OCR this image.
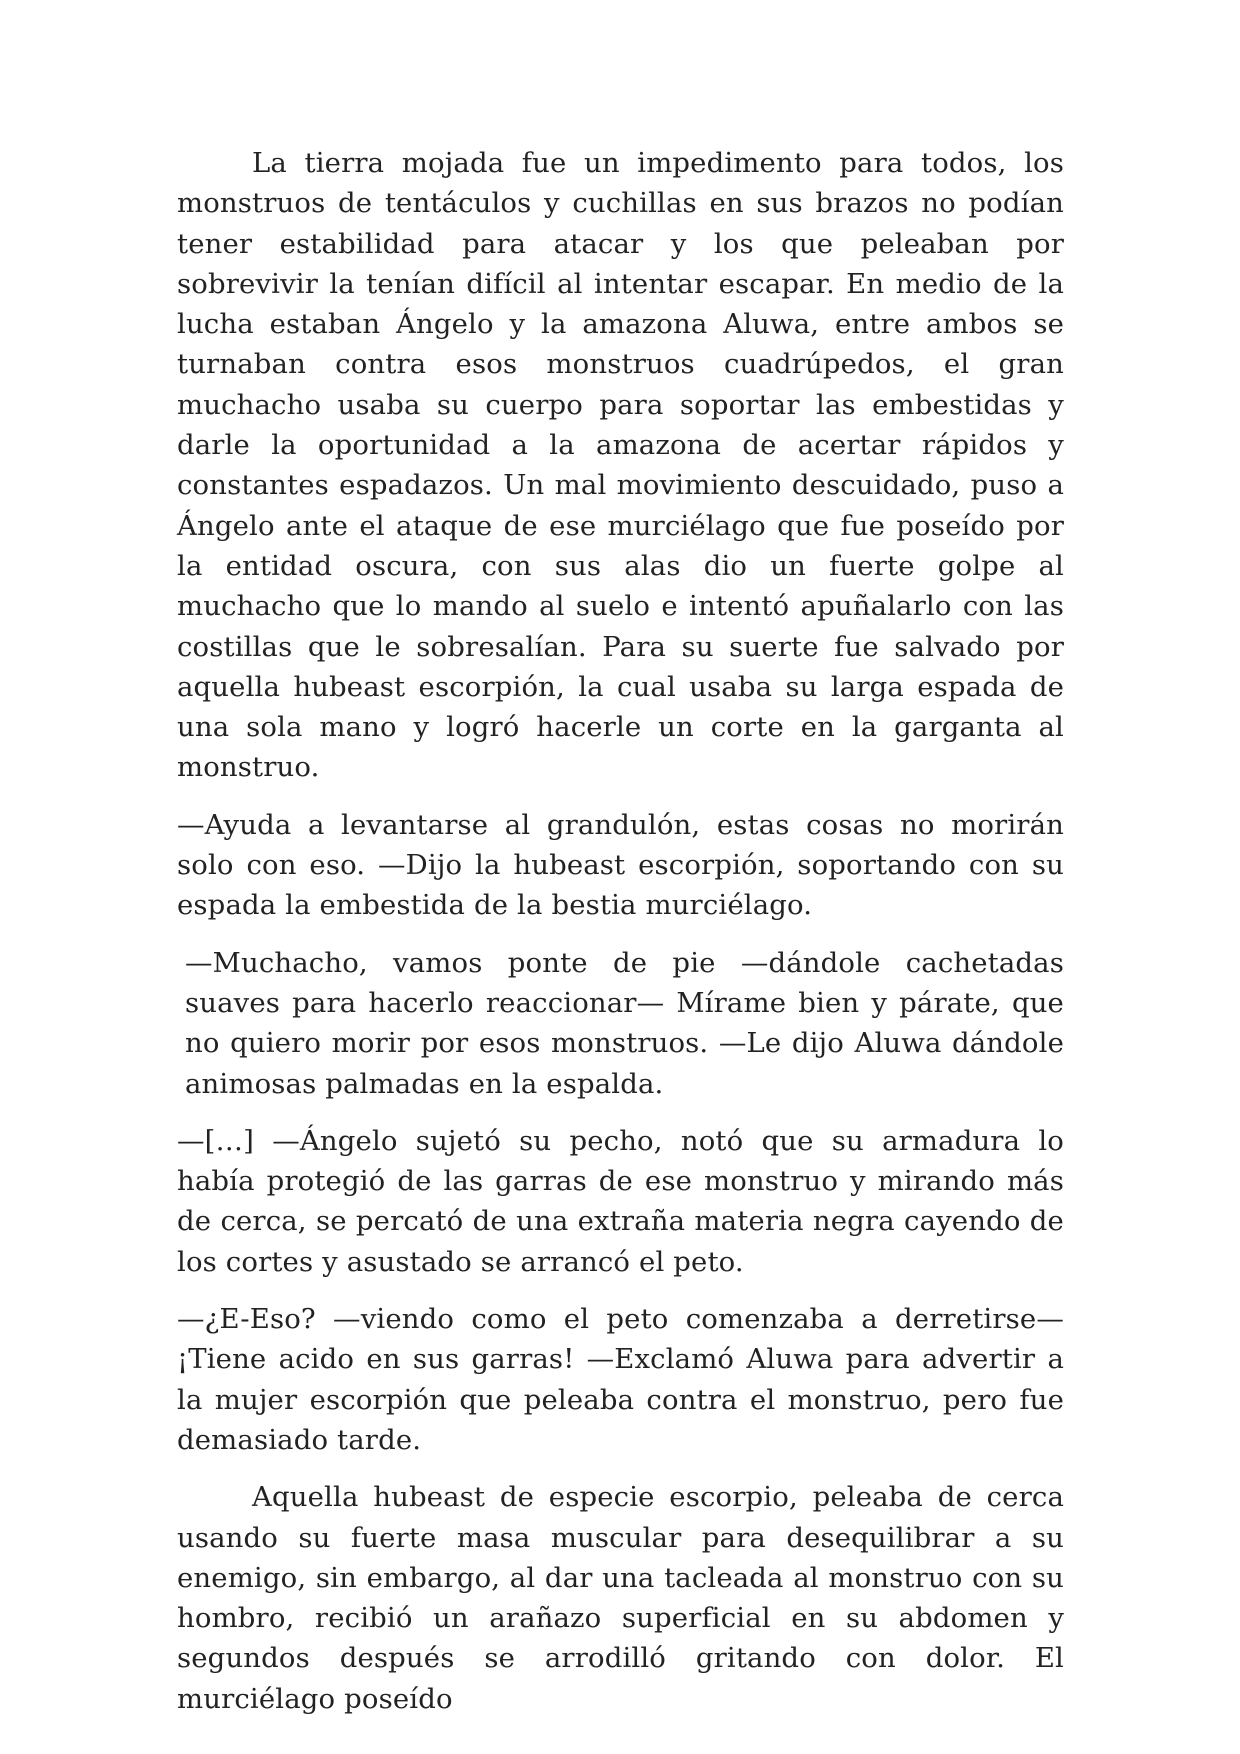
La tierra mojada fue un impedimento para todos, los monstruos de tentáculos y cuchillas en sus brazos no podían tener estabilidad para atacar y los que peleaban por sobrevivir la tenían difícil al intentar escapar. En medio de la lucha estaban Ángelo y la amazona Aluwa, entre ambos se turnaban contra esos monstruos cuadrúpedos, el gran muchacho usaba su cuerpo para soportar las embestidas y darle la oportunidad a la amazona de acertar rápidos y constantes espadazos. Un mal movimiento descuidado, puso a Ángelo ante el ataque de ese murciélago que fue poseído por la entidad oscura, con sus alas dio un fuerte golpe al muchacho que lo mando al suelo e intentó apuñalarlo con las costillas que le sobresalían. Para su suerte fue salvado por aquella hubeast escorpión, la cual usaba su larga espada de una sola mano y logró hacerle un corte en la garganta al monstruo.

—Ayuda a levantarse al grandulón, estas cosas no morirán solo con eso. —Dijo la hubeast escorpión, soportando con su espada la embestida de la bestia murciélago.

—Muchacho, vamos ponte de pie —dándole cachetadas suaves para hacerlo reaccionar— Mírame bien y párate, que no quiero morir por esos monstruos. —Le dijo Aluwa dándole animosas palmadas en la espalda.

—[…] —Ángelo sujetó su pecho, notó que su armadura lo había protegió de las garras de ese monstruo y mirando más de cerca, se percató de una extraña materia negra cayendo de los cortes y asustado se arrancó el peto.

—¿E-Eso? —viendo como el peto comenzaba a derretirse— ¡Tiene acido en sus garras! —Exclamó Aluwa para advertir a la mujer escorpión que peleaba contra el monstruo, pero fue demasiado tarde.

Aquella hubeast de especie escorpio, peleaba de cerca usando su fuerte masa muscular para desequilibrar a su enemigo, sin embargo, al dar una tacleada al monstruo con su hombro, recibió un arañazo superficial en su abdomen y segundos después se arrodilló gritando con dolor. El murciélago poseído
